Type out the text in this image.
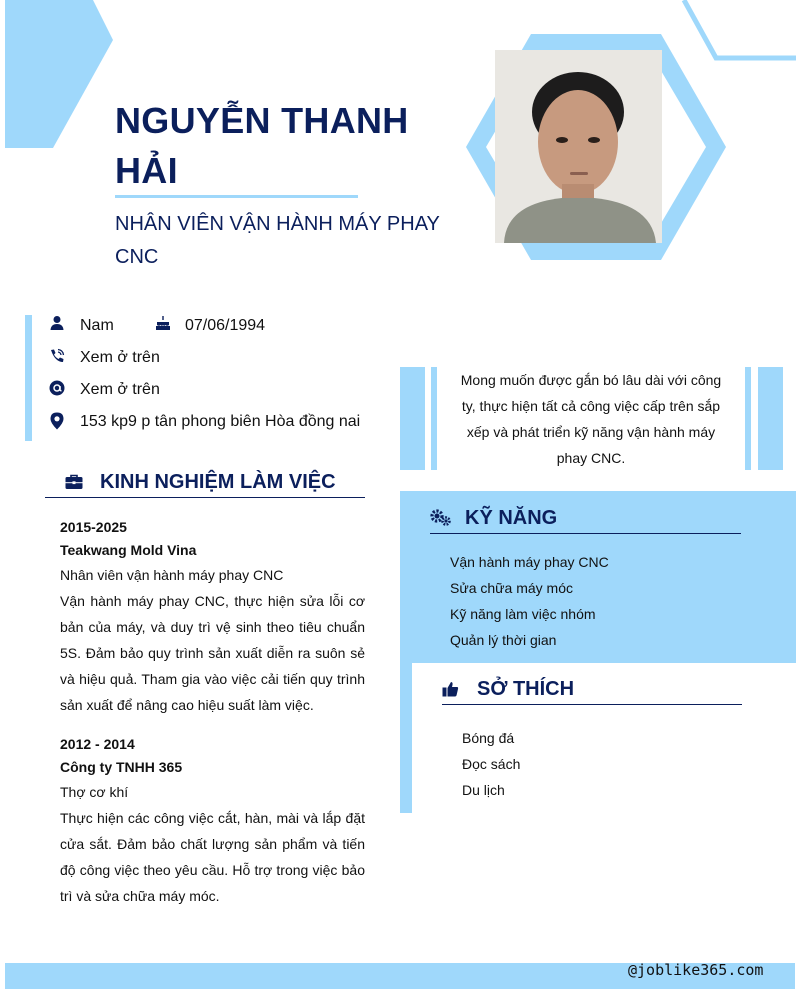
NGUYỄN THANH HẢI
NHÂN VIÊN VẬN HÀNH MÁY PHAY CNC
Nam	07/06/1994
Xem ở trên
Xem ở trên
153 kp9 p tân phong biên Hòa đồng nai
Mong muốn được gắn bó lâu dài với công ty, thực hiện tất cả công việc cấp trên sắp xếp và phát triển kỹ năng vận hành máy phay CNC.
KINH NGHIỆM LÀM VIỆC
2015-2025
Teakwang Mold Vina
Nhân viên vận hành máy phay CNC
Vận hành máy phay CNC, thực hiện sửa lỗi cơ bản của máy, và duy trì vệ sinh theo tiêu chuẩn 5S. Đảm bảo quy trình sản xuất diễn ra suôn sẻ và hiệu quả. Tham gia vào việc cải tiến quy trình sản xuất để nâng cao hiệu suất làm việc.
2012 - 2014
Công ty TNHH 365
Thợ cơ khí
Thực hiện các công việc cắt, hàn, mài và lắp đặt cửa sắt. Đảm bảo chất lượng sản phẩm và tiến độ công việc theo yêu cầu. Hỗ trợ trong việc bảo trì và sửa chữa máy móc.
KỸ NĂNG
Vận hành máy phay CNC
Sửa chữa máy móc
Kỹ năng làm việc nhóm
Quản lý thời gian
SỞ THÍCH
Bóng đá
Đọc sách
Du lịch
@joblike365.com
